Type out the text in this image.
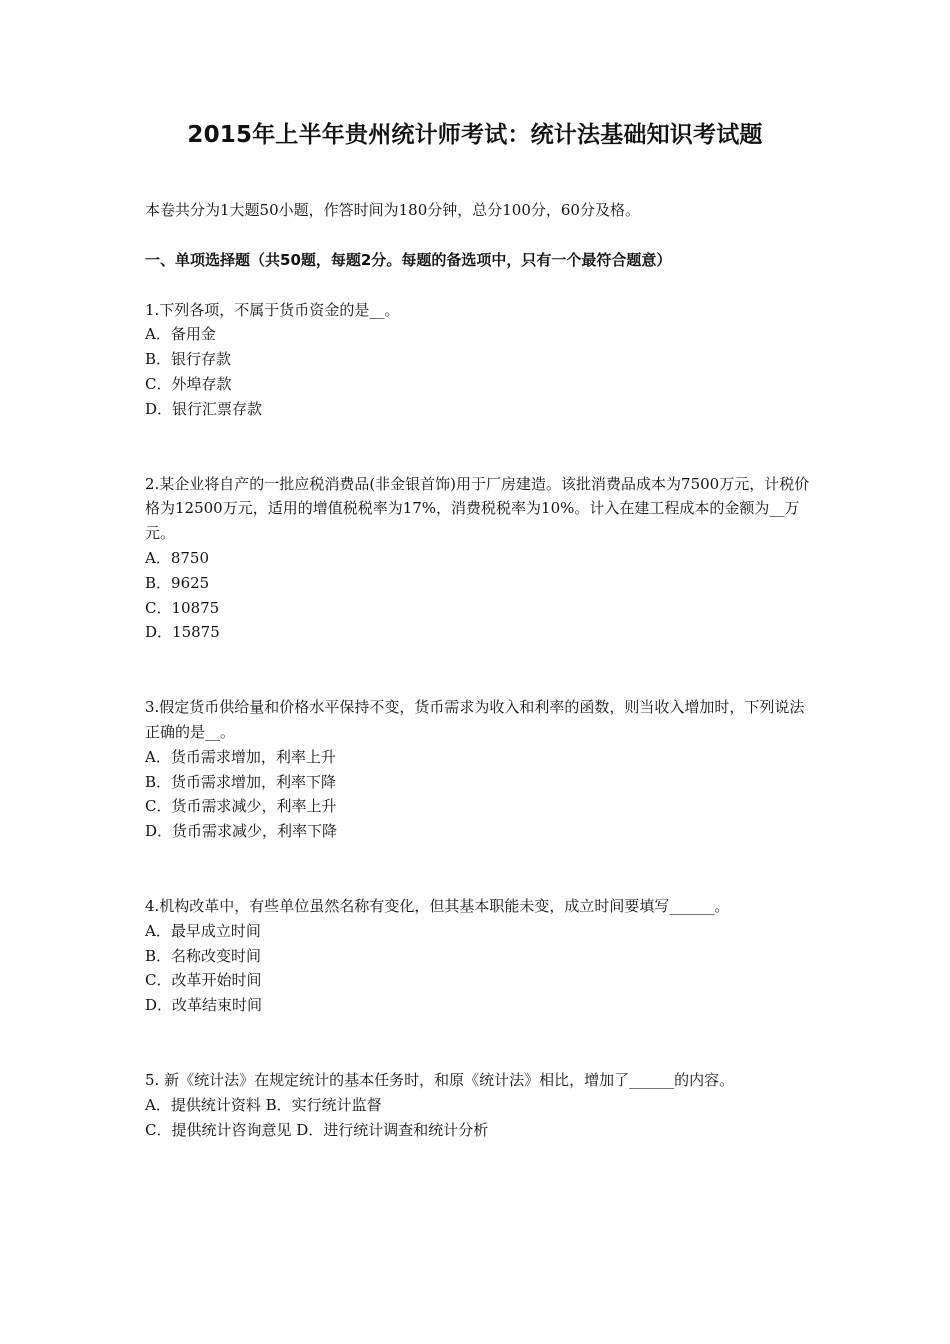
2015年上半年贵州统计师考试：统计法基础知识考试题

本卷共分为1大题50小题，作答时间为180分钟，总分100分，60分及格。

一、单项选择题（共50题，每题2分。每题的备选项中，只有一个最符合题意）

1.下列各项，不属于货币资金的是__。

A．备用金

B．银行存款

C．外埠存款

D．银行汇票存款

2.某企业将自产的一批应税消费品(非金银首饰)用于厂房建造。该批消费品成本为7500万元，计税价格为12500万元，适用的增值税税率为17%，消费税税率为10%。计入在建工程成本的金额为__万元。

A．8750

B．9625

C．10875

D．15875

3.假定货币供给量和价格水平保持不变，货币需求为收入和利率的函数，则当收入增加时，下列说法正确的是__。

A．货币需求增加，利率上升

B．货币需求增加，利率下降

C．货币需求减少，利率上升

D．货币需求减少，利率下降

4.机构改革中，有些单位虽然名称有变化，但其基本职能未变，成立时间要填写______。

A．最早成立时间

B．名称改变时间

C．改革开始时间

D．改革结束时间

5. 新《统计法》在规定统计的基本任务时，和原《统计法》相比，增加了______的内容。

A．提供统计资料 B．实行统计监督

C．提供统计咨询意见 D．进行统计调查和统计分析
